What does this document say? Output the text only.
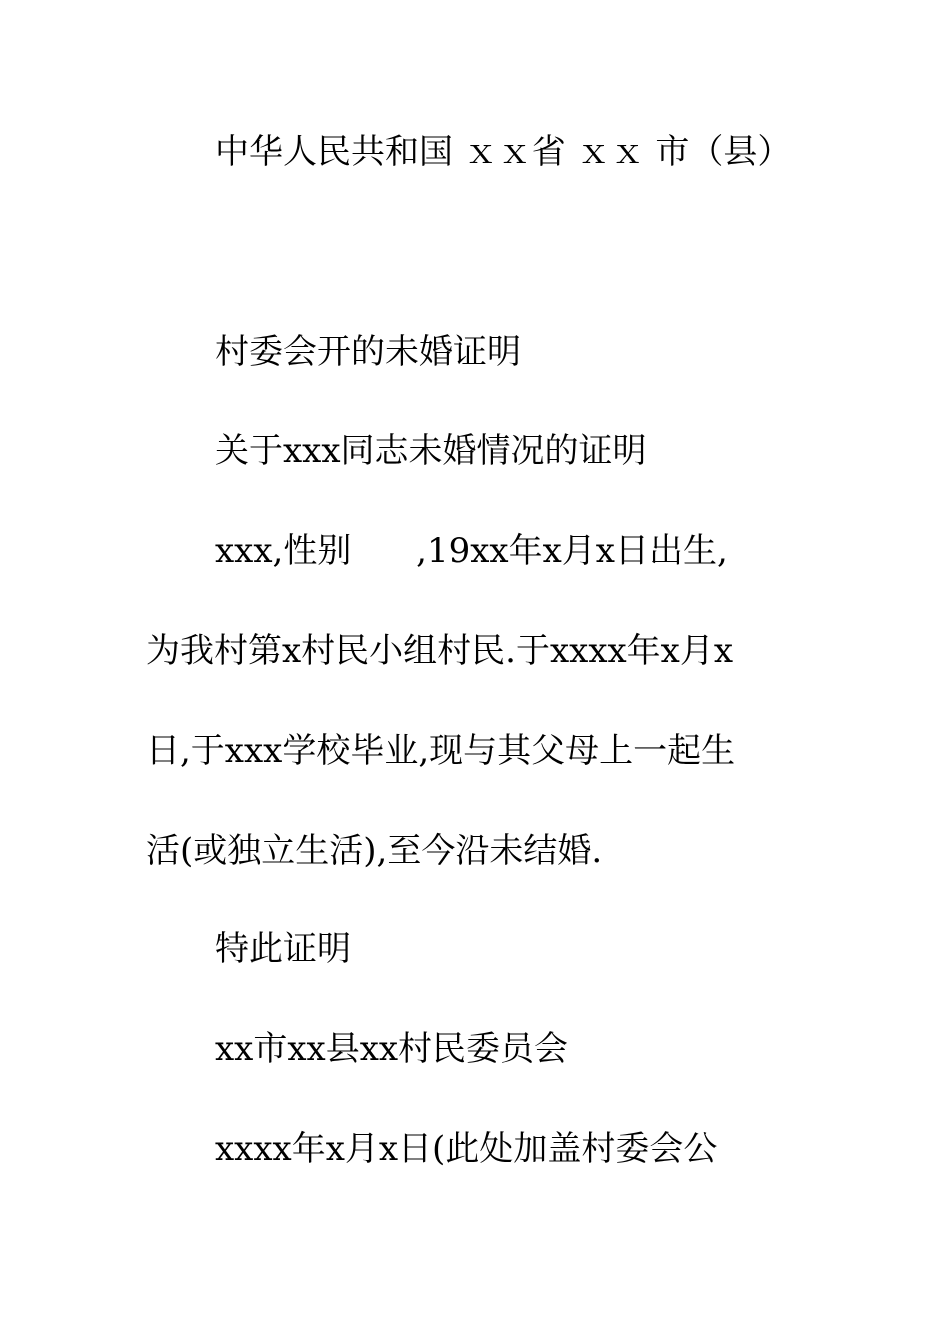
中华人民共和国 ｘｘ省 ｘｘ 市（县）

村委会开的未婚证明

关于xxx同志未婚情况的证明

xxx,性别      ,19xx年x月x日出生,

为我村第x村民小组村民.于xxxx年x月x

日,于xxx学校毕业,现与其父母上一起生

活(或独立生活),至今沿未结婚.

特此证明

xx市xx县xx村民委员会

xxxx年x月x日(此处加盖村委会公
